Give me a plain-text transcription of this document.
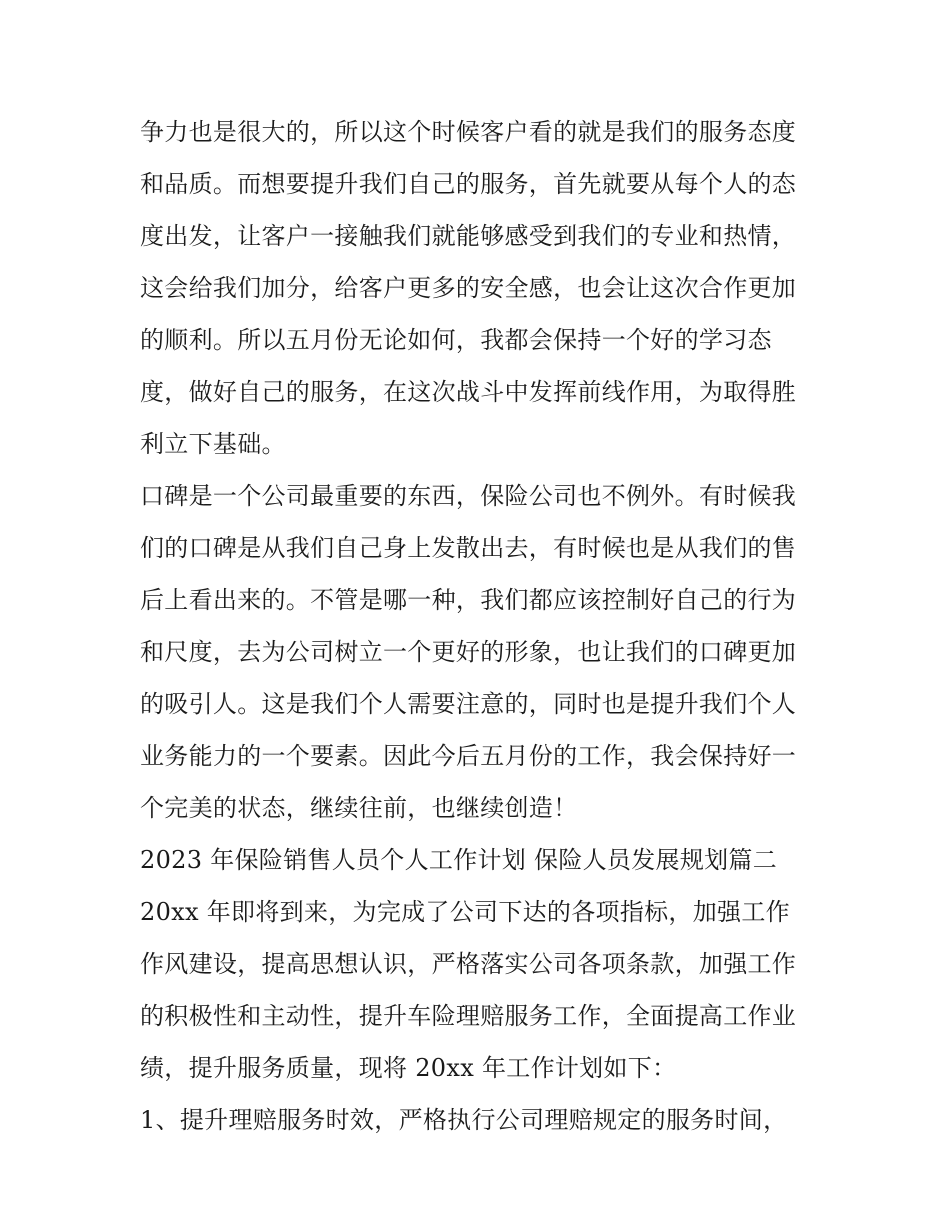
争力也是很大的，所以这个时候客户看的就是我们的服务态度
和品质。而想要提升我们自己的服务，首先就要从每个人的态
度出发，让客户一接触我们就能够感受到我们的专业和热情，
这会给我们加分，给客户更多的安全感，也会让这次合作更加
的顺利。所以五月份无论如何，我都会保持一个好的学习态
度，做好自己的服务，在这次战斗中发挥前线作用，为取得胜
利立下基础。
口碑是一个公司最重要的东西，保险公司也不例外。有时候我
们的口碑是从我们自己身上发散出去，有时候也是从我们的售
后上看出来的。不管是哪一种，我们都应该控制好自己的行为
和尺度，去为公司树立一个更好的形象，也让我们的口碑更加
的吸引人。这是我们个人需要注意的，同时也是提升我们个人
业务能力的一个要素。因此今后五月份的工作，我会保持好一
个完美的状态，继续往前，也继续创造！
2023 年保险销售人员个人工作计划 保险人员发展规划篇二
20xx 年即将到来，为完成了公司下达的各项指标，加强工作
作风建设，提高思想认识，严格落实公司各项条款，加强工作
的积极性和主动性，提升车险理赔服务工作，全面提高工作业
绩，提升服务质量，现将 20xx 年工作计划如下：
1、提升理赔服务时效，严格执行公司理赔规定的服务时间，
